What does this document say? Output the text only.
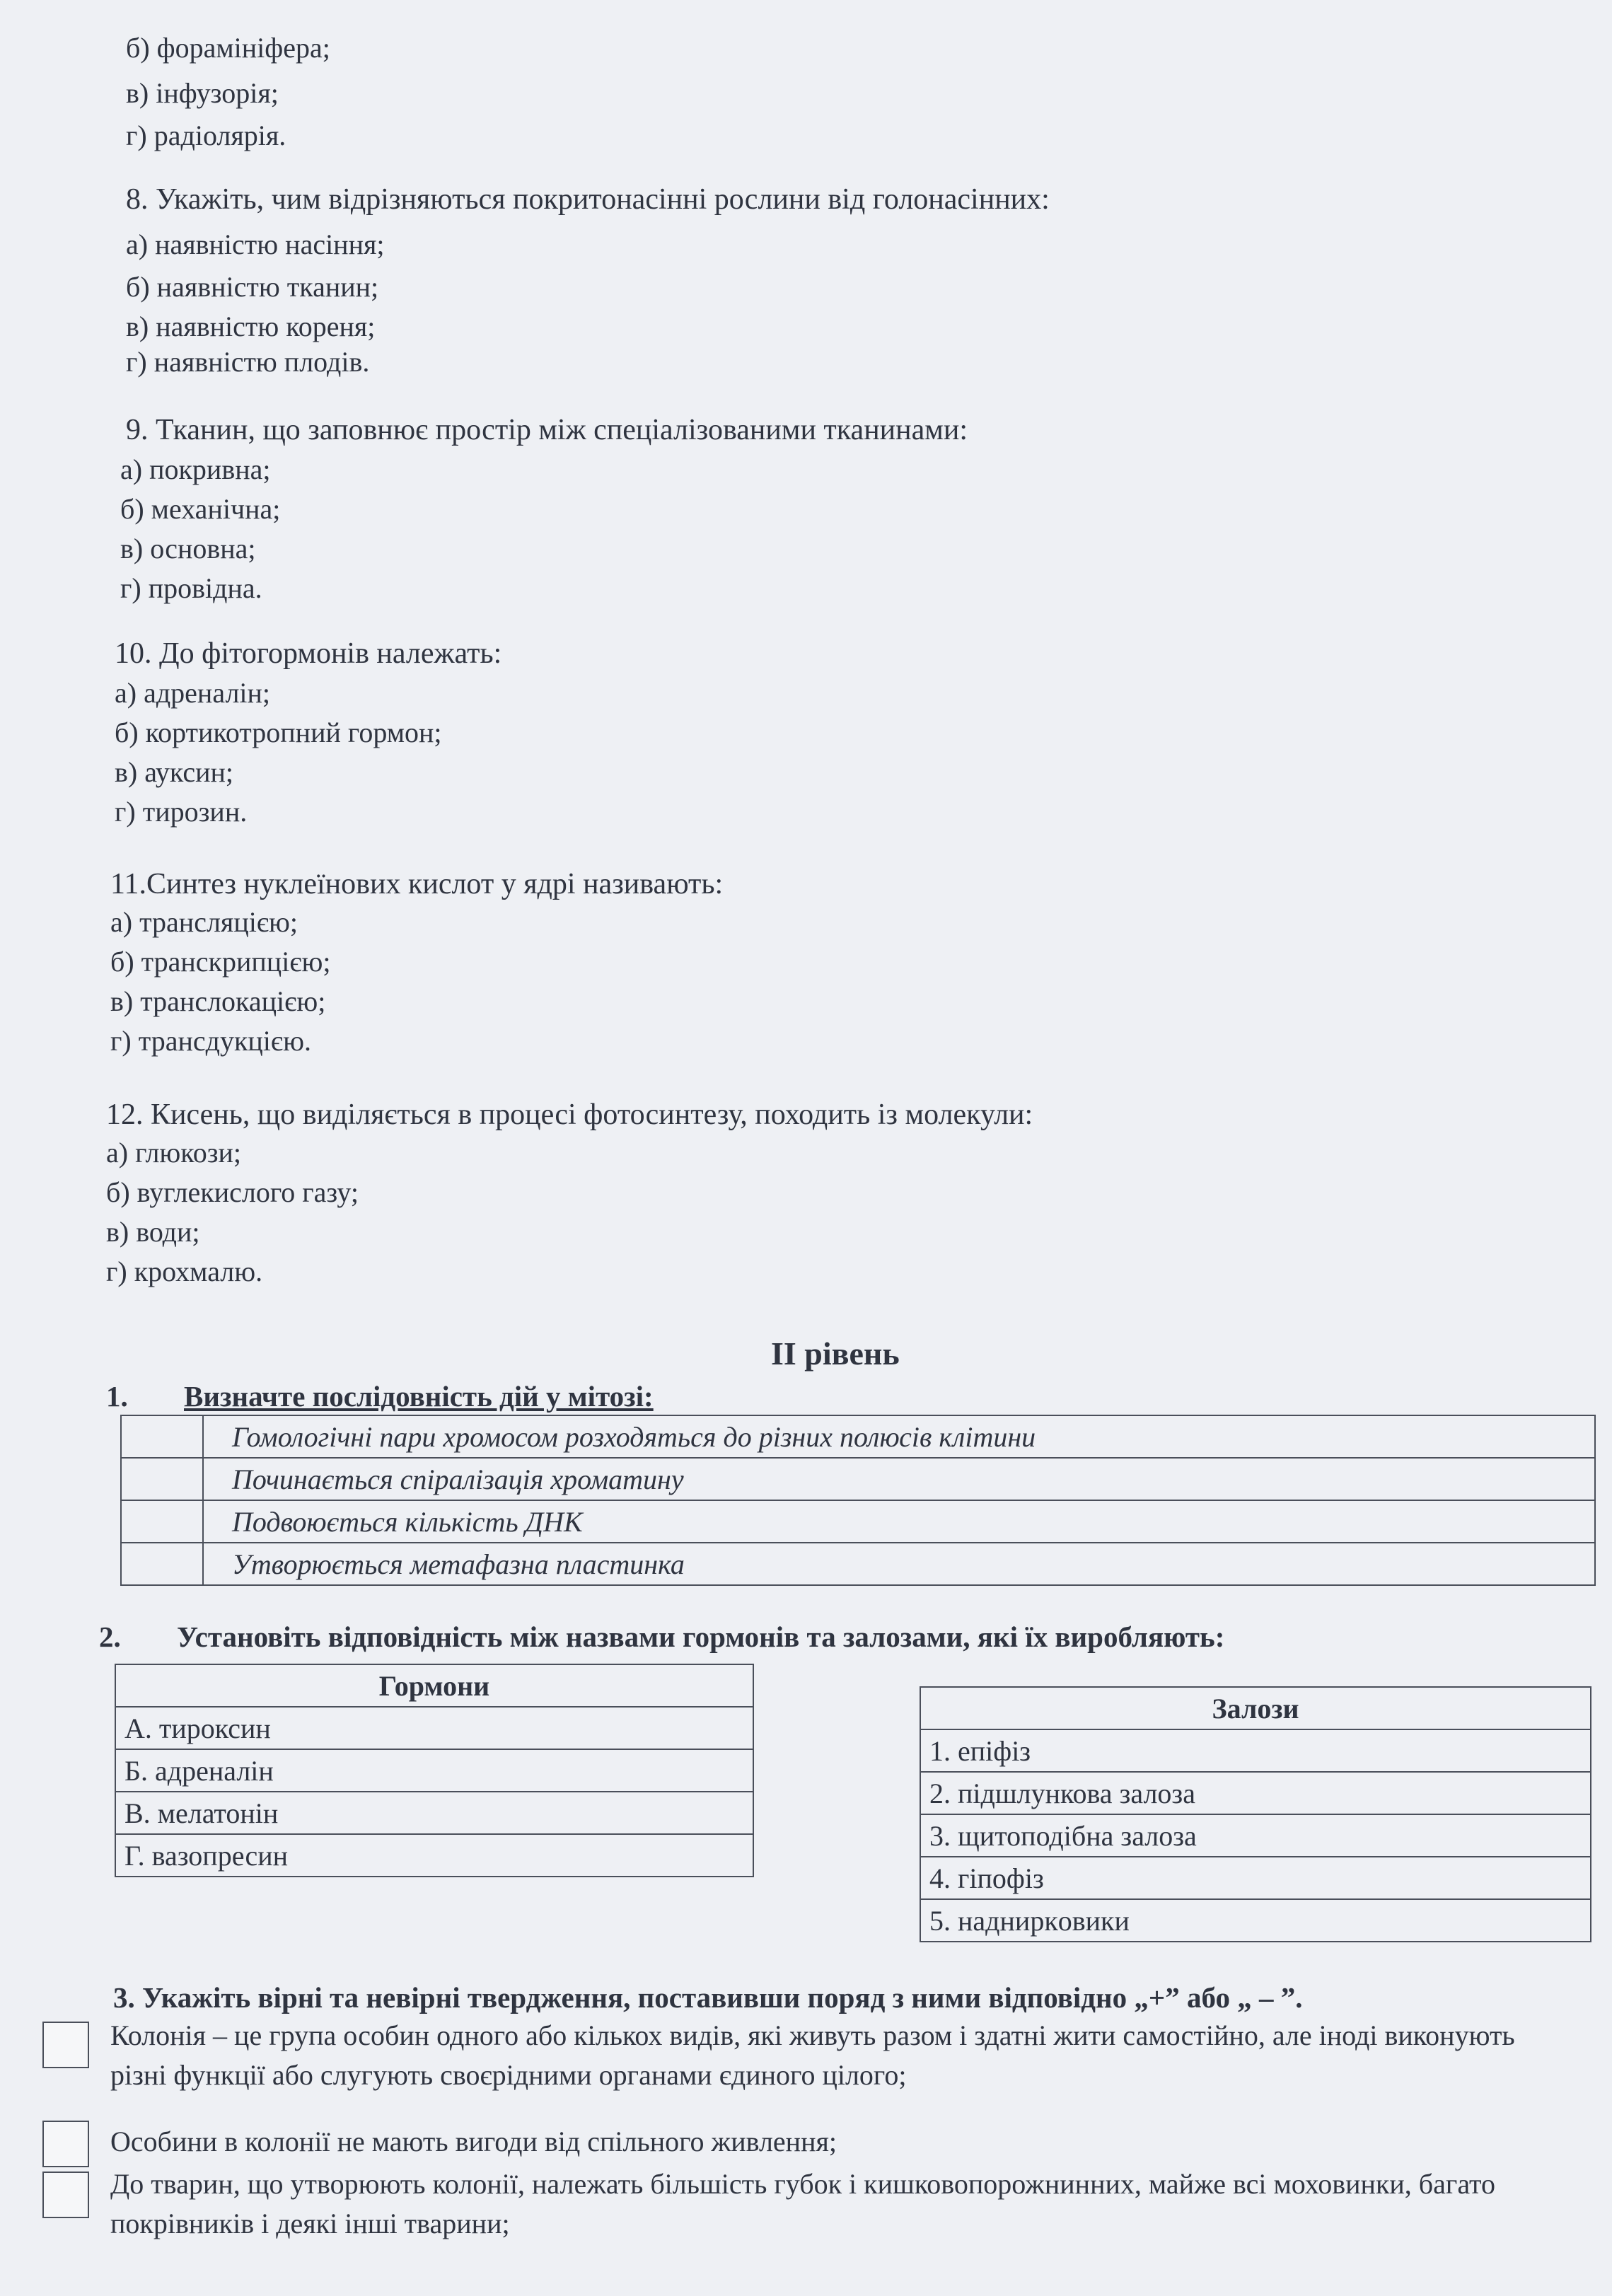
б) форамініфера;
в) інфузорія;
г) радіолярія.
8. Укажіть, чим відрізняються покритонасінні рослини від голонасінних:
а) наявністю насіння;
б) наявністю тканин;
в) наявністю кореня;
г) наявністю плодів.
9. Тканин, що заповнює простір між спеціалізованими тканинами:
а) покривна;
б) механічна;
в) основна;
г) провідна.
10. До фітогормонів належать:
а) адреналін;
б) кортикотропний гормон;
в) ауксин;
г) тирозин.
11.Синтез нуклеїнових кислот у ядрі називають:
а) трансляцією;
б) транскрипцією;
в) транслокацією;
г) трансдукцією.
12. Кисень, що виділяється в процесі фотосинтезу, походить із молекули:
а) глюкози;
б) вуглекислого газу;
в) води;
г) крохмалю.
ІІ рівень
1. Визначте послідовність дій у мітозі:
	Гомологічні пари хромосом розходяться до різних полюсів клітини
	Починається спіралізація хроматину
	Подвоюється кількість ДНК
	Утворюється метафазна пластинка
2. Установіть відповідність між назвами гормонів та залозами, які їх виробляють:
Гормони
А. тироксин
Б. адреналін
В. мелатонін
Г. вазопресин
Залози
1. епіфіз
2. підшлункова залоза
3. щитоподібна залоза
4. гіпофіз
5. надниркoвики
3. Укажіть вірні та невірні твердження, поставивши поряд з ними відповідно „+” або „ – ”.
Колонія – це група особин одного або кількох видів, які живуть разом і здатні жити самостійно, але іноді виконують різні функції або слугують своєрідними органами єдиного цілого;
Особини в колонії не мають вигоди від спільного живлення;
До тварин, що утворюють колонії, належать більшість губок і кишковопорожнинних, майже всі моховинки, багато покрівників і деякі інші тварини;
